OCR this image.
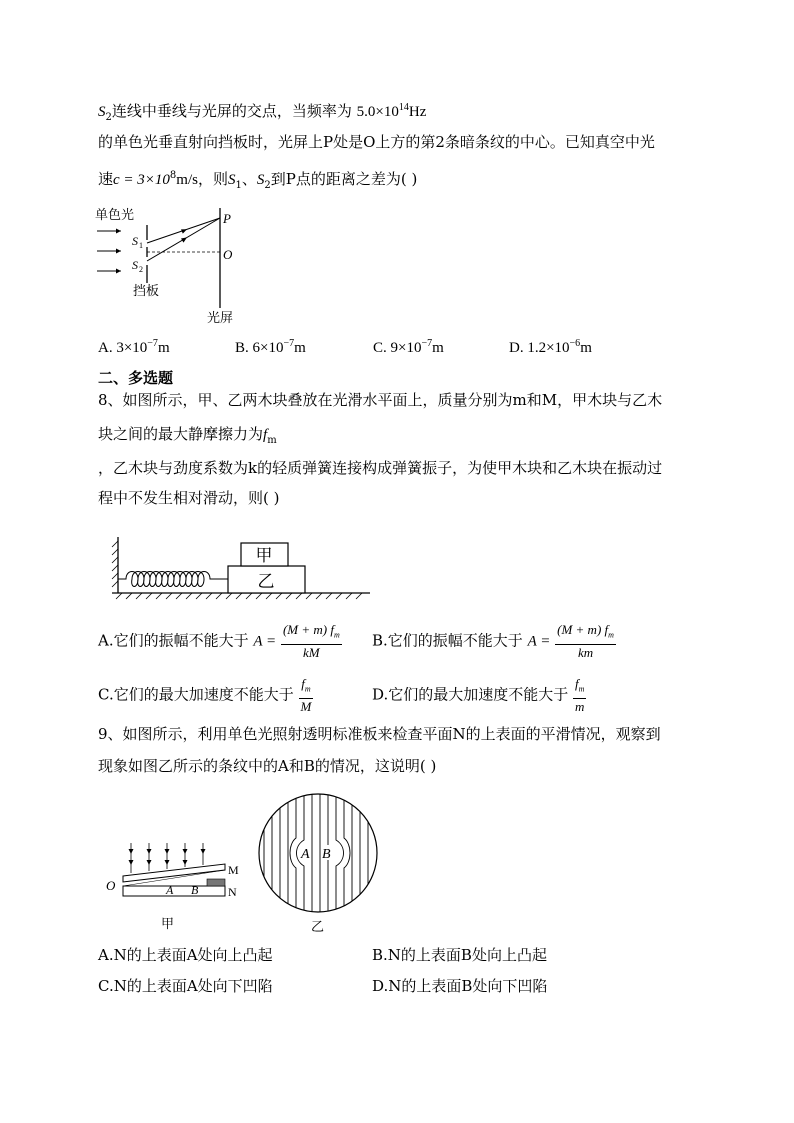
$S_2$连线中垂线与光屏的交点，当频率为 $5.0\times 10^{14}Hz$
的单色光垂直射向挡板时，光屏上P处是O上方的第2条暗条纹的中心。已知真空中光
速$c = 3\times 10^8m/s$，则$S_1$、$S_2$到P点的距离之差为( )
单色光
S 1
S 2
P
O
挡板
光屏
A. $3\times 10^{-7}m$	B. $6\times 10^{-7}m$	C. $9\times 10^{-7}m$	D. $1.2\times 10^{-6}m$
二、多选题
8、如图所示，甲、乙两木块叠放在光滑水平面上，质量分别为m和M，甲木块与乙木
块之间的最大静摩擦力为$f_m$
，乙木块与劲度系数为k的轻质弹簧连接构成弹簧振子，为使甲木块和乙木块在振动过
程中不发生相对滑动，则( )
甲
乙
A.它们的振幅不能大于 $A = \frac{(M + m) f_m}{kM} B$.它们的振幅不能大于 $A = \frac{(M + m) f_m}{km}$
C.它们的最大加速度不能大于 $\frac{f_m}{M}$	D.它们的最大加速度不能大于 $\frac{f_m}{m}$
9、如图所示，利用单色光照射透明标准板来检查平面N的上表面的平滑情况，观察到
现象如图乙所示的条纹中的A和B的情况，这说明( )
O	A B
M
N
甲
A B
乙
A.N的上表面A处向上凸起	B.N的上表面B处向上凸起
C.N的上表面A处向下凹陷	D.N的上表面B处向下凹陷
